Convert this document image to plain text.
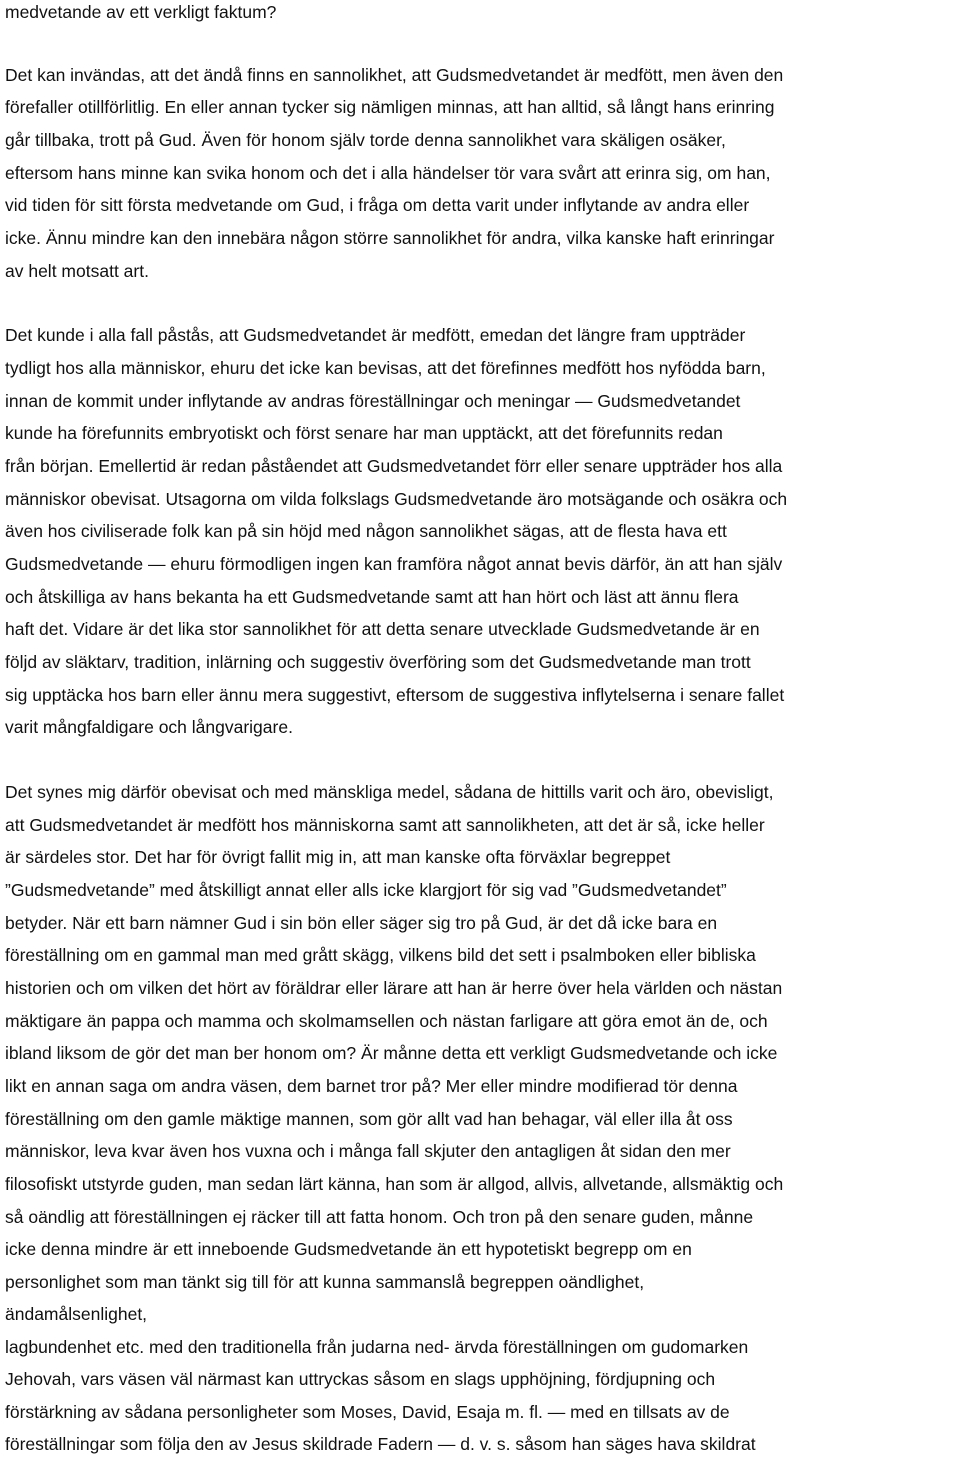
medvetande av ett verkligt faktum?
Det kan invändas, att det ändå finns en sannolikhet, att Gudsmedvetandet är medfött, men även den
förefaller otillförlitlig. En eller annan tycker sig nämligen minnas, att han alltid, så långt hans erinring
går tillbaka, trott på Gud. Även för honom själv torde denna sannolikhet vara skäligen osäker,
eftersom hans minne kan svika honom och det i alla händelser tör vara svårt att erinra sig, om han,
vid tiden för sitt första medvetande om Gud, i fråga om detta varit under inflytande av andra eller
icke. Ännu mindre kan den innebära någon större sannolikhet för andra, vilka kanske haft erinringar
av helt motsatt art.
Det kunde i alla fall påstås, att Gudsmedvetandet är medfött, emedan det längre fram uppträder
tydligt hos alla människor, ehuru det icke kan bevisas, att det förefinnes medfött hos nyfödda barn,
innan de kommit under inflytande av andras föreställningar och meningar — Gudsmedvetandet
kunde ha förefunnits embryotiskt och först senare har man upptäckt, att det förefunnits redan
från början. Emellertid är redan påståendet att Gudsmedvetandet förr eller senare uppträder hos alla
människor obevisat. Utsagorna om vilda folkslags Gudsmedvetande äro motsägande och osäkra och
även hos civiliserade folk kan på sin höjd med någon sannolikhet sägas, att de flesta hava ett
Gudsmedvetande — ehuru förmodligen ingen kan framföra något annat bevis därför, än att han själv
och åtskilliga av hans bekanta ha ett Gudsmedvetande samt att han hört och läst att ännu flera
haft det. Vidare är det lika stor sannolikhet för att detta senare utvecklade Gudsmedvetande är en
följd av släktarv, tradition, inlärning och suggestiv överföring som det Gudsmedvetande man trott
sig upptäcka hos barn eller ännu mera suggestivt, eftersom de suggestiva inflytelserna i senare fallet
varit mångfaldigare och långvarigare.
Det synes mig därför obevisat och med mänskliga medel, sådana de hittills varit och äro, obevisligt,
att Gudsmedvetandet är medfött hos människorna samt att sannolikheten, att det är så, icke heller
är särdeles stor. Det har för övrigt fallit mig in, att man kanske ofta förväxlar begreppet
”Gudsmedvetande” med åtskilligt annat eller alls icke klargjort för sig vad ”Gudsmedvetandet”
betyder. När ett barn nämner Gud i sin bön eller säger sig tro på Gud, är det då icke bara en
föreställning om en gammal man med grått skägg, vilkens bild det sett i psalmboken eller bibliska
historien och om vilken det hört av föräldrar eller lärare att han är herre över hela världen och nästan
mäktigare än pappa och mamma och skolmamsellen och nästan farligare att göra emot än de, och
ibland liksom de gör det man ber honom om? Är månne detta ett verkligt Gudsmedvetande och icke
likt en annan saga om andra väsen, dem barnet tror på? Mer eller mindre modifierad tör denna
föreställning om den gamle mäktige mannen, som gör allt vad han behagar, väl eller illa åt oss
människor, leva kvar även hos vuxna och i många fall skjuter den antagligen åt sidan den mer
filosofiskt utstyrde guden, man sedan lärt känna, han som är allgod, allvis, allvetande, allsmäktig och
så oändlig att föreställningen ej räcker till att fatta honom. Och tron på den senare guden, månne
icke denna mindre är ett inneboende Gudsmedvetande än ett hypotetiskt begrepp om en
personlighet som man tänkt sig till för att kunna sammanslå begreppen oändlighet,
ändamålsenlighet,
lagbundenhet etc. med den traditionella från judarna ned- ärvda föreställningen om gudomarken
Jehovah, vars väsen väl närmast kan uttryckas såsom en slags upphöjning, fördjupning och
förstärkning av sådana personligheter som Moses, David, Esaja m. fl. — med en tillsats av de
föreställningar som följa den av Jesus skildrade Fadern — d. v. s. såsom han säges hava skildrat
